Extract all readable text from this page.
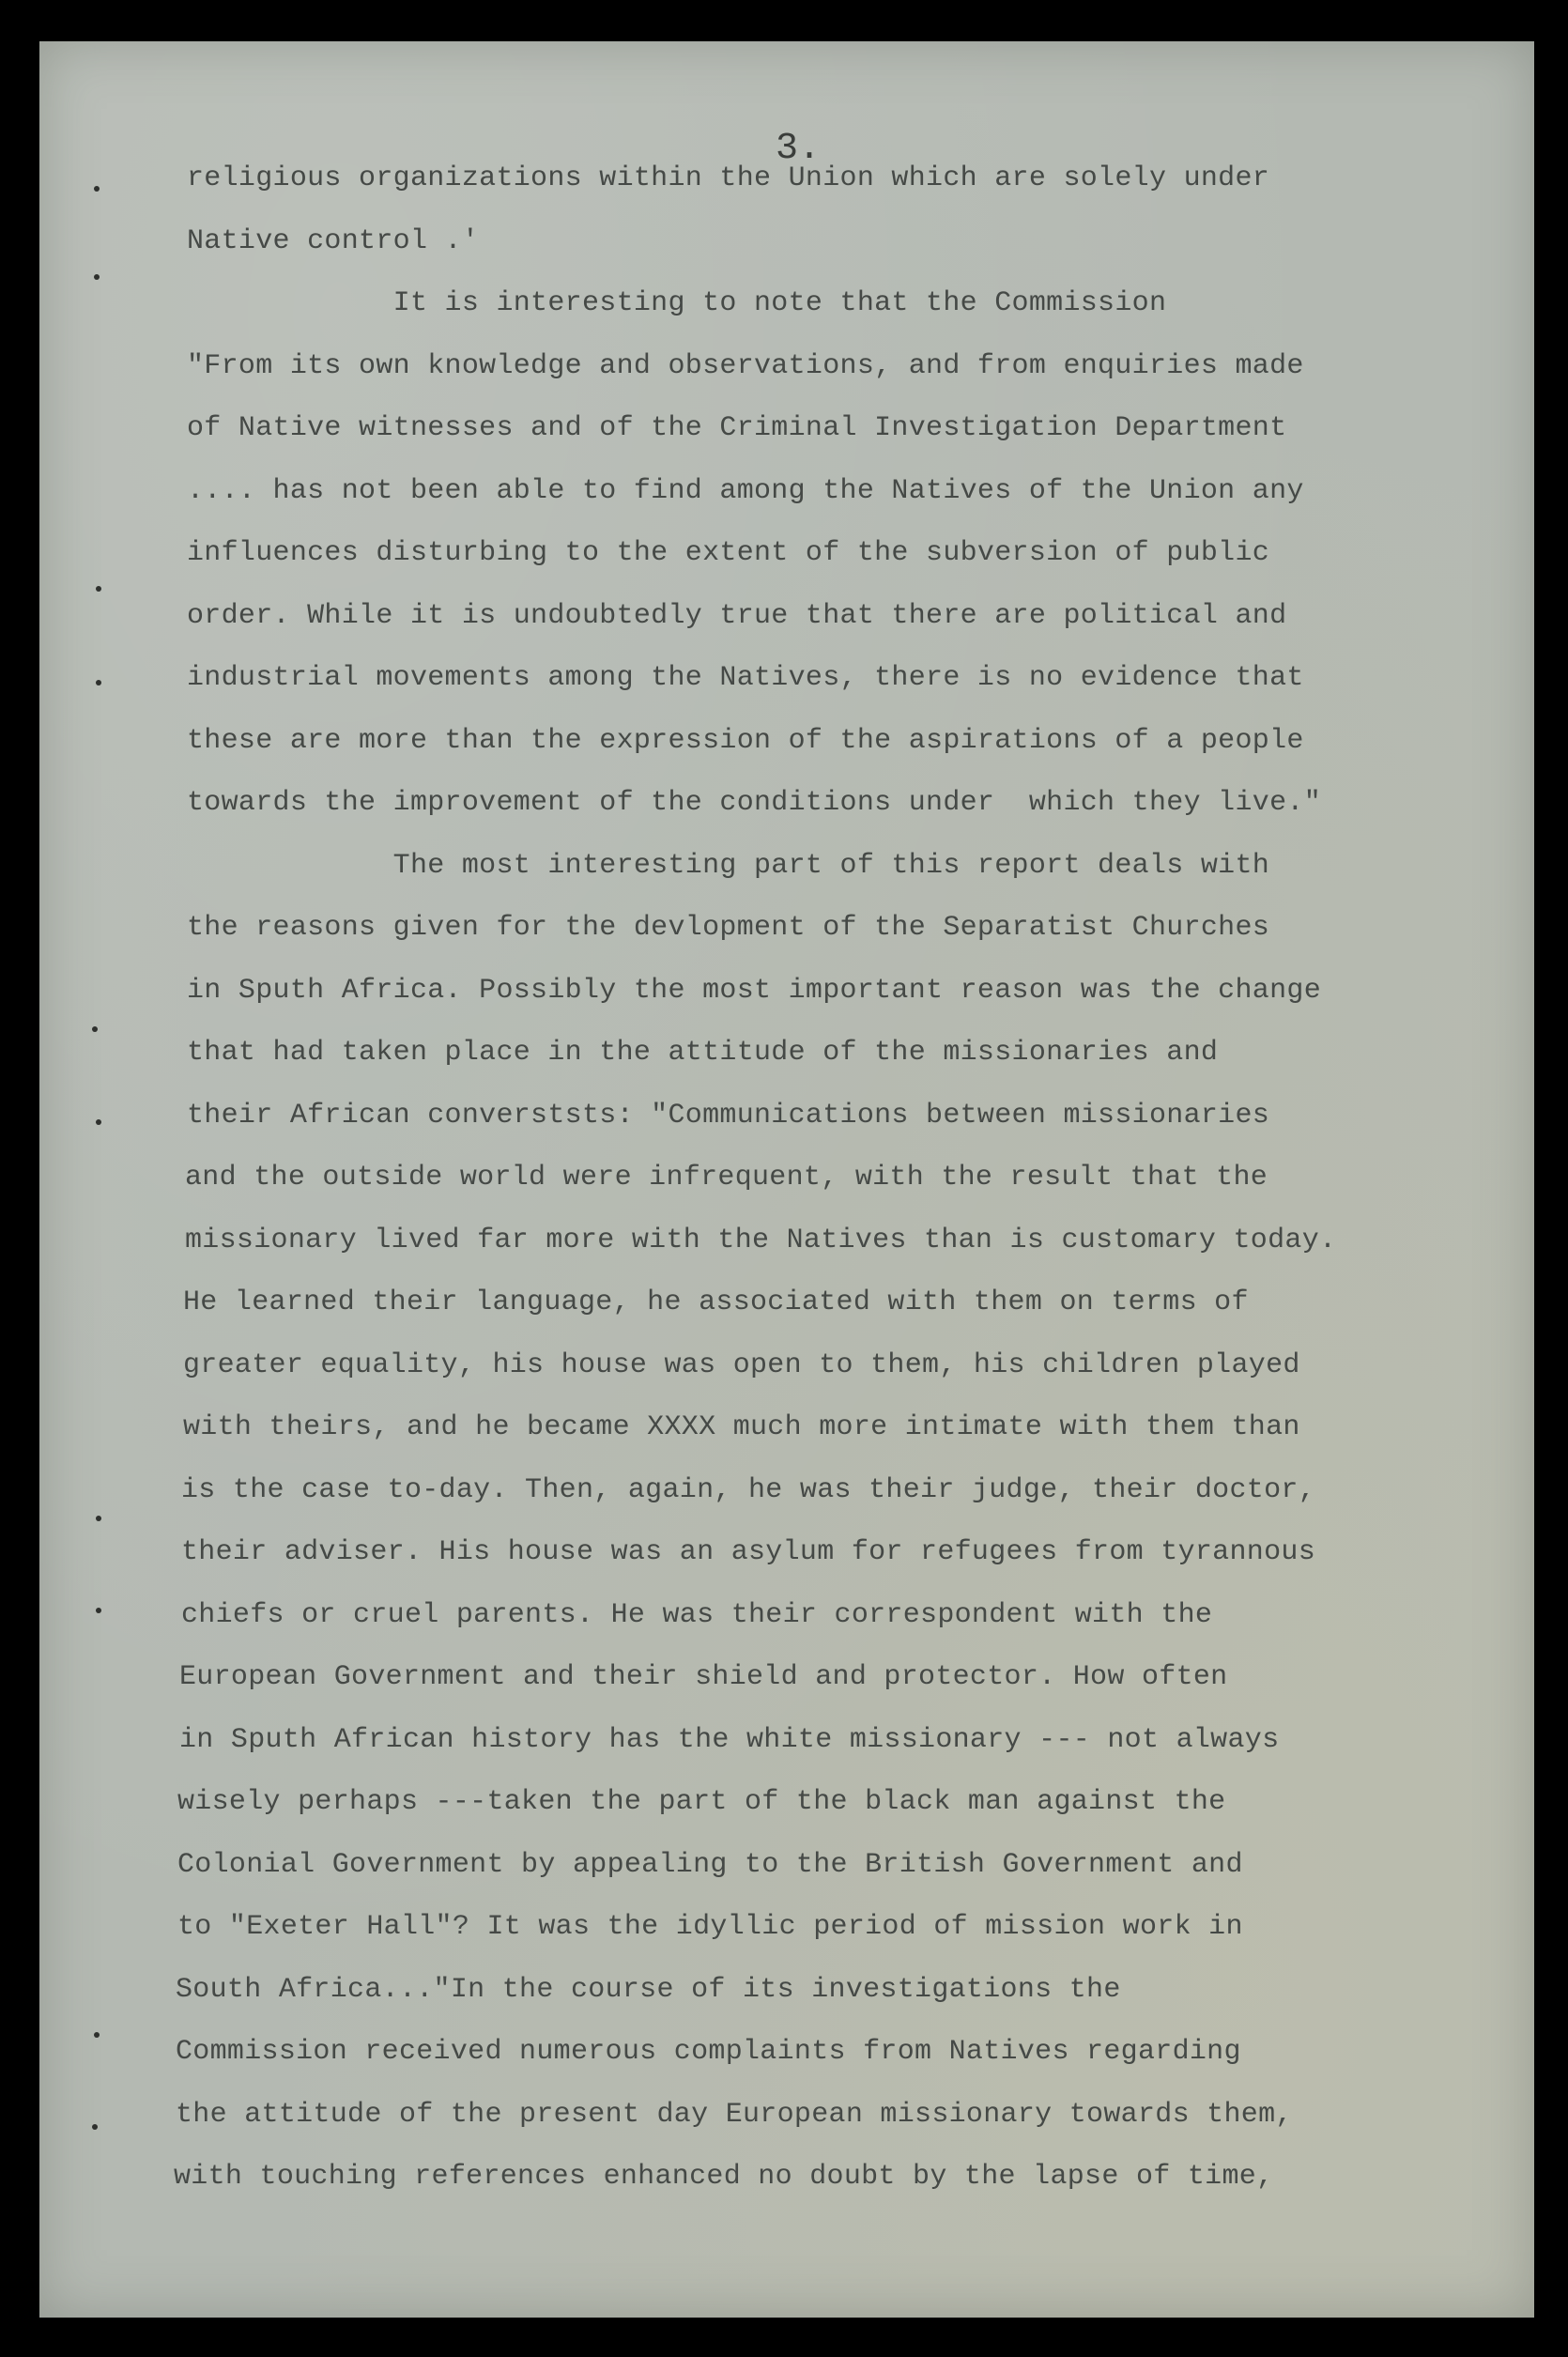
3.
religious organizations within the Union which are solely under
Native control .'
It is interesting to note that the Commission
"From its own knowledge and observations, and from enquiries made
of Native witnesses and of the Criminal Investigation Department
.... has not been able to find among the Natives of the Union any
influences disturbing to the extent of the subversion of public
order. While it is undoubtedly true that there are political and
industrial movements among the Natives, there is no evidence that
these are more than the expression of the aspirations of a people
towards the improvement of the conditions under  which they live."
The most interesting part of this report deals with
the reasons given for the devlopment of the Separatist Churches
in Sputh Africa. Possibly the most important reason was the change
that had taken place in the attitude of the missionaries and
their African converststs: "Communications between missionaries
and the outside world were infrequent, with the result that the
missionary lived far more with the Natives than is customary today.
He learned their language, he associated with them on terms of
greater equality, his house was open to them, his children played
with theirs, and he became XXXX much more intimate with them than
is the case to-day. Then, again, he was their judge, their doctor,
their adviser. His house was an asylum for refugees from tyrannous
chiefs or cruel parents. He was their correspondent with the
European Government and their shield and protector. How often
in Sputh African history has the white missionary --- not always
wisely perhaps ---taken the part of the black man against the
Colonial Government by appealing to the British Government and
to "Exeter Hall"? It was the idyllic period of mission work in
South Africa..."In the course of its investigations the
Commission received numerous complaints from Natives regarding
the attitude of the present day European missionary towards them,
with touching references enhanced no doubt by the lapse of time,
